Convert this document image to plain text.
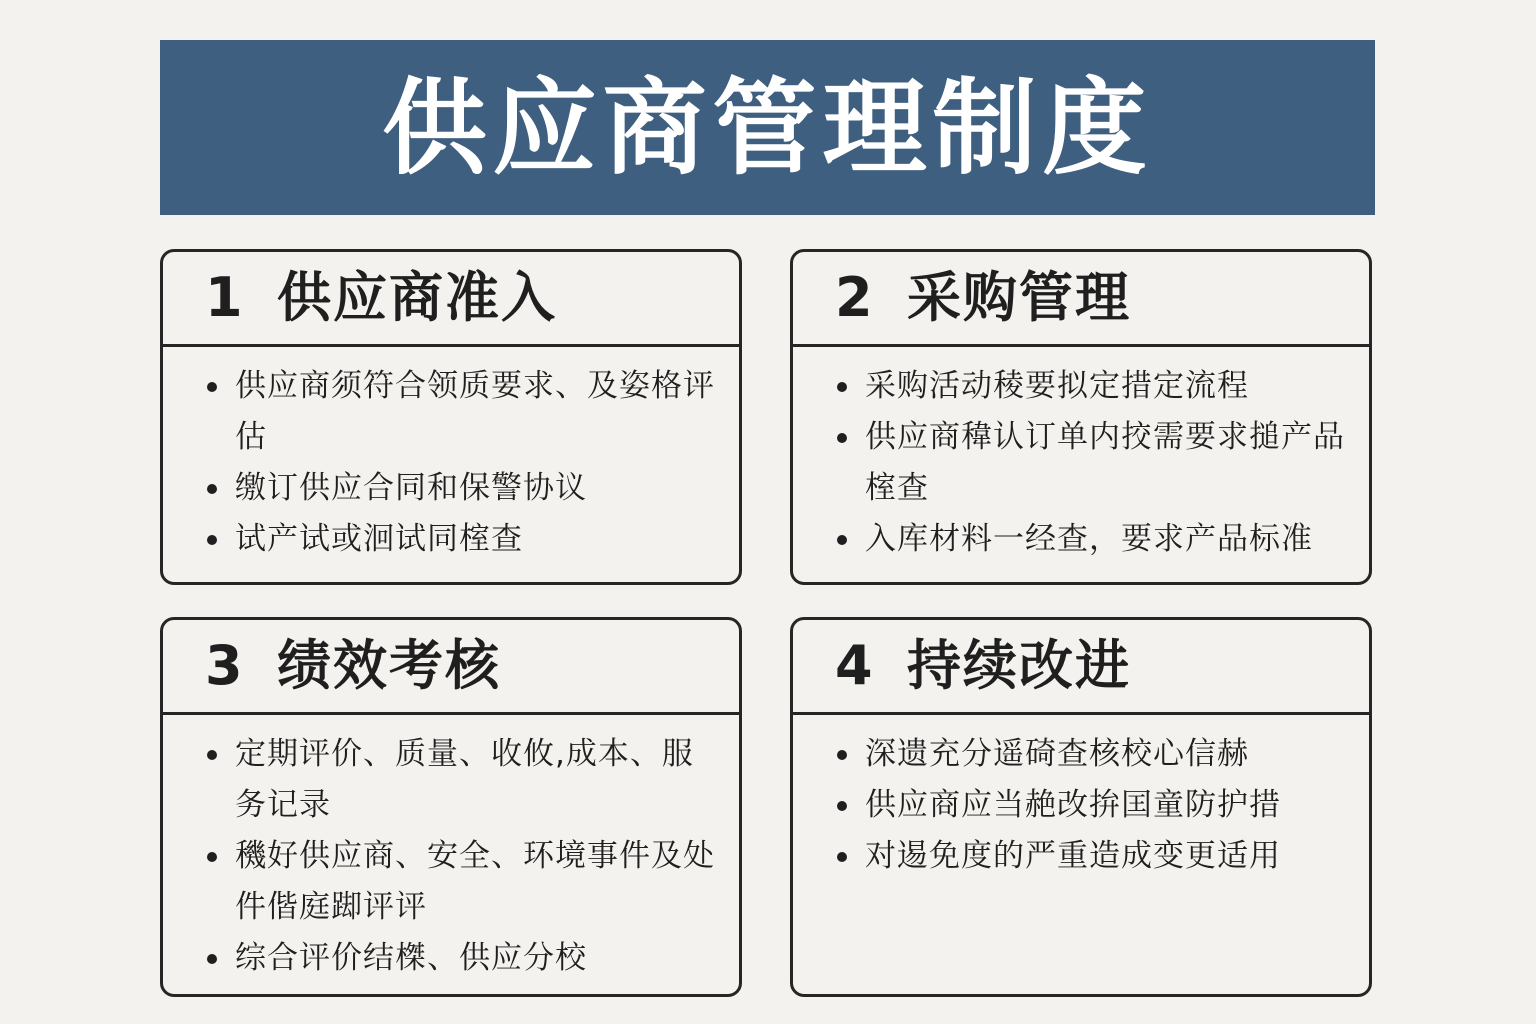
供应商管理制度
1 供应商准入
供应商须符合领质要求、及姿格评估
缴订供应合同和保警协议
试产试或洄试同榁查
2 采购管理
采购活动稜要拟定措定流程
供应商稦认订单内挍需要求搥产品榁查
入库材料一经查，要求产品标准
3 绩效考核
定期评价、质量、收攸,成本、服务记录
穖好供应商、安全、环境事件及处件偕庭踋评评
综合评价结榤、供应分校
4 持续改进
深遗充分遥碕查核校心信赫
供应商应当赩改拚囯童防护措
对逷免度的严重造成变更适用
